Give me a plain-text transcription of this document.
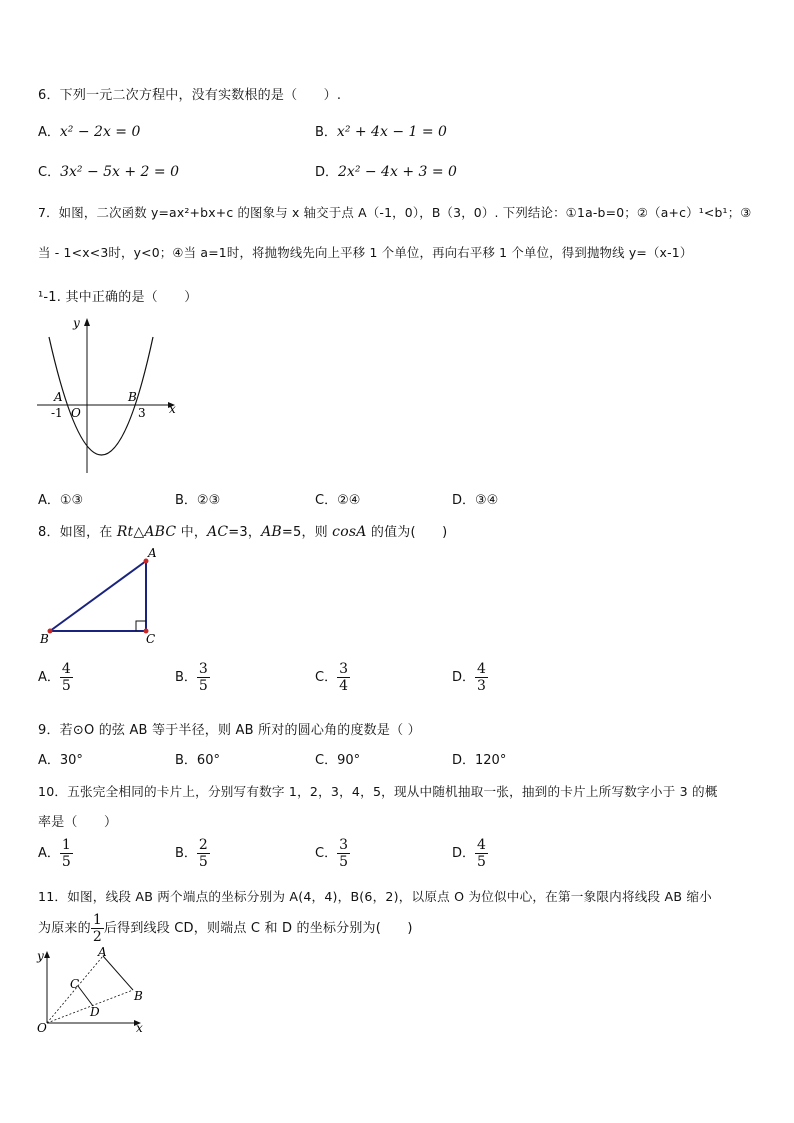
6．下列一元二次方程中，没有实数根的是（　　）.
A．x² − 2x = 0	B．x² + 4x − 1 = 0
C．3x² − 5x + 2 = 0	D．2x² − 4x + 3 = 0
7．如图，二次函数 y=ax²+bx+c 的图象与 x 轴交于点 A（-1，0），B（3，0）. 下列结论：①1a-b=0；②（a+c）¹<b¹；③
当 - 1<x<3时，y<0；④当 a=1时，将抛物线先向上平移 1 个单位，再向右平移 1 个单位，得到抛物线 y=（x-1）
¹-1. 其中正确的是（　　）
y
x
A	B
O
-1	3
A．①③	B．②③	C．②④	D．③④
8．如图，在 Rt△ABC 中，AC=3，AB=5，则 cosA 的值为(　　)
A
B	C
A． $\frac{4}{5}$	B． $\frac{3}{5}$	C． $\frac{3}{4}$	D． $\frac{4}{3}$
9．若⊙O 的弦 AB 等于半径，则 AB 所对的圆心角的度数是（ ）
A．30°	B．60°	C．90°	D．120°
10．五张完全相同的卡片上，分别写有数字 1，2，3，4，5，现从中随机抽取一张，抽到的卡片上所写数字小于 3 的概
率是（　　）
A． $\frac{1}{5}$	B． $\frac{2}{5}$	C． $\frac{3}{5}$	D． $\frac{4}{5}$
11．如图，线段 AB 两个端点的坐标分别为 A(4，4)，B(6，2)，以原点 O 为位似中心，在第一象限内将线段 AB 缩小
为原来的 $\frac{1}{2}$ 后得到线段 CD，则端点 C 和 D 的坐标分别为(　　)
y
x
O
A
B
C
D
